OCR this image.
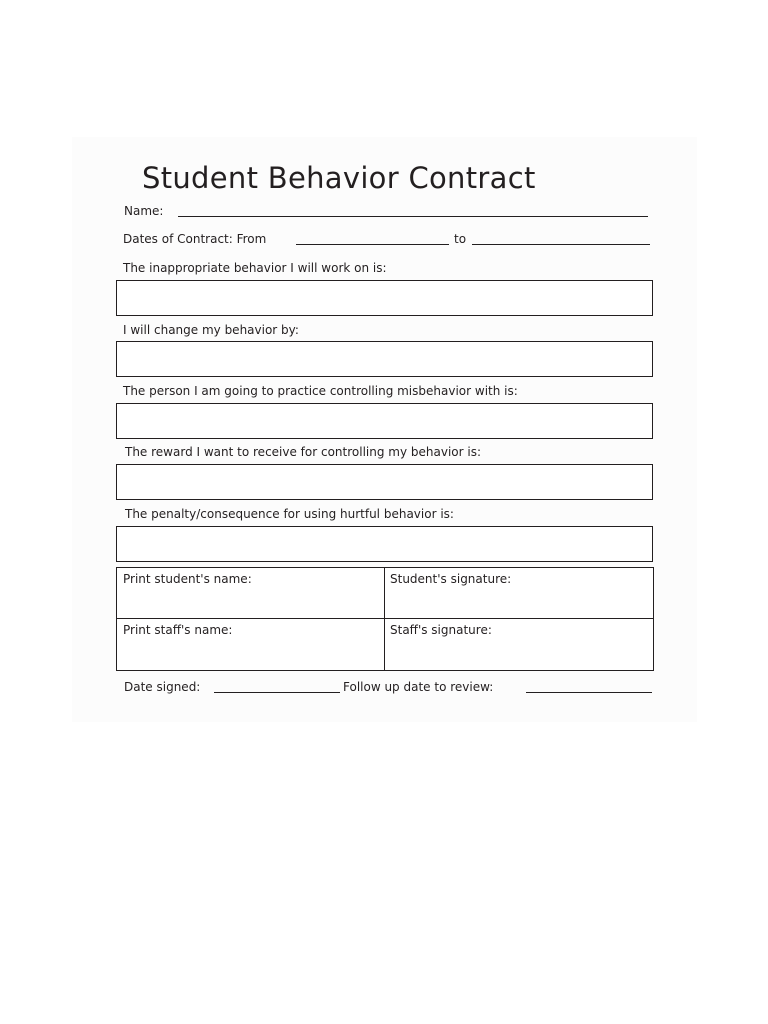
Student Behavior Contract
Name:
Dates of Contract: From	to
The inappropriate behavior I will work on is:
I will change my behavior by:
The person I am going to practice controlling misbehavior with is:
The reward I want to receive for controlling my behavior is:
The penalty/consequence for using hurtful behavior is:
Print student's name:	Student's signature:
Print staff's name:	Staff's signature:
Date signed:	Follow up date to review:
